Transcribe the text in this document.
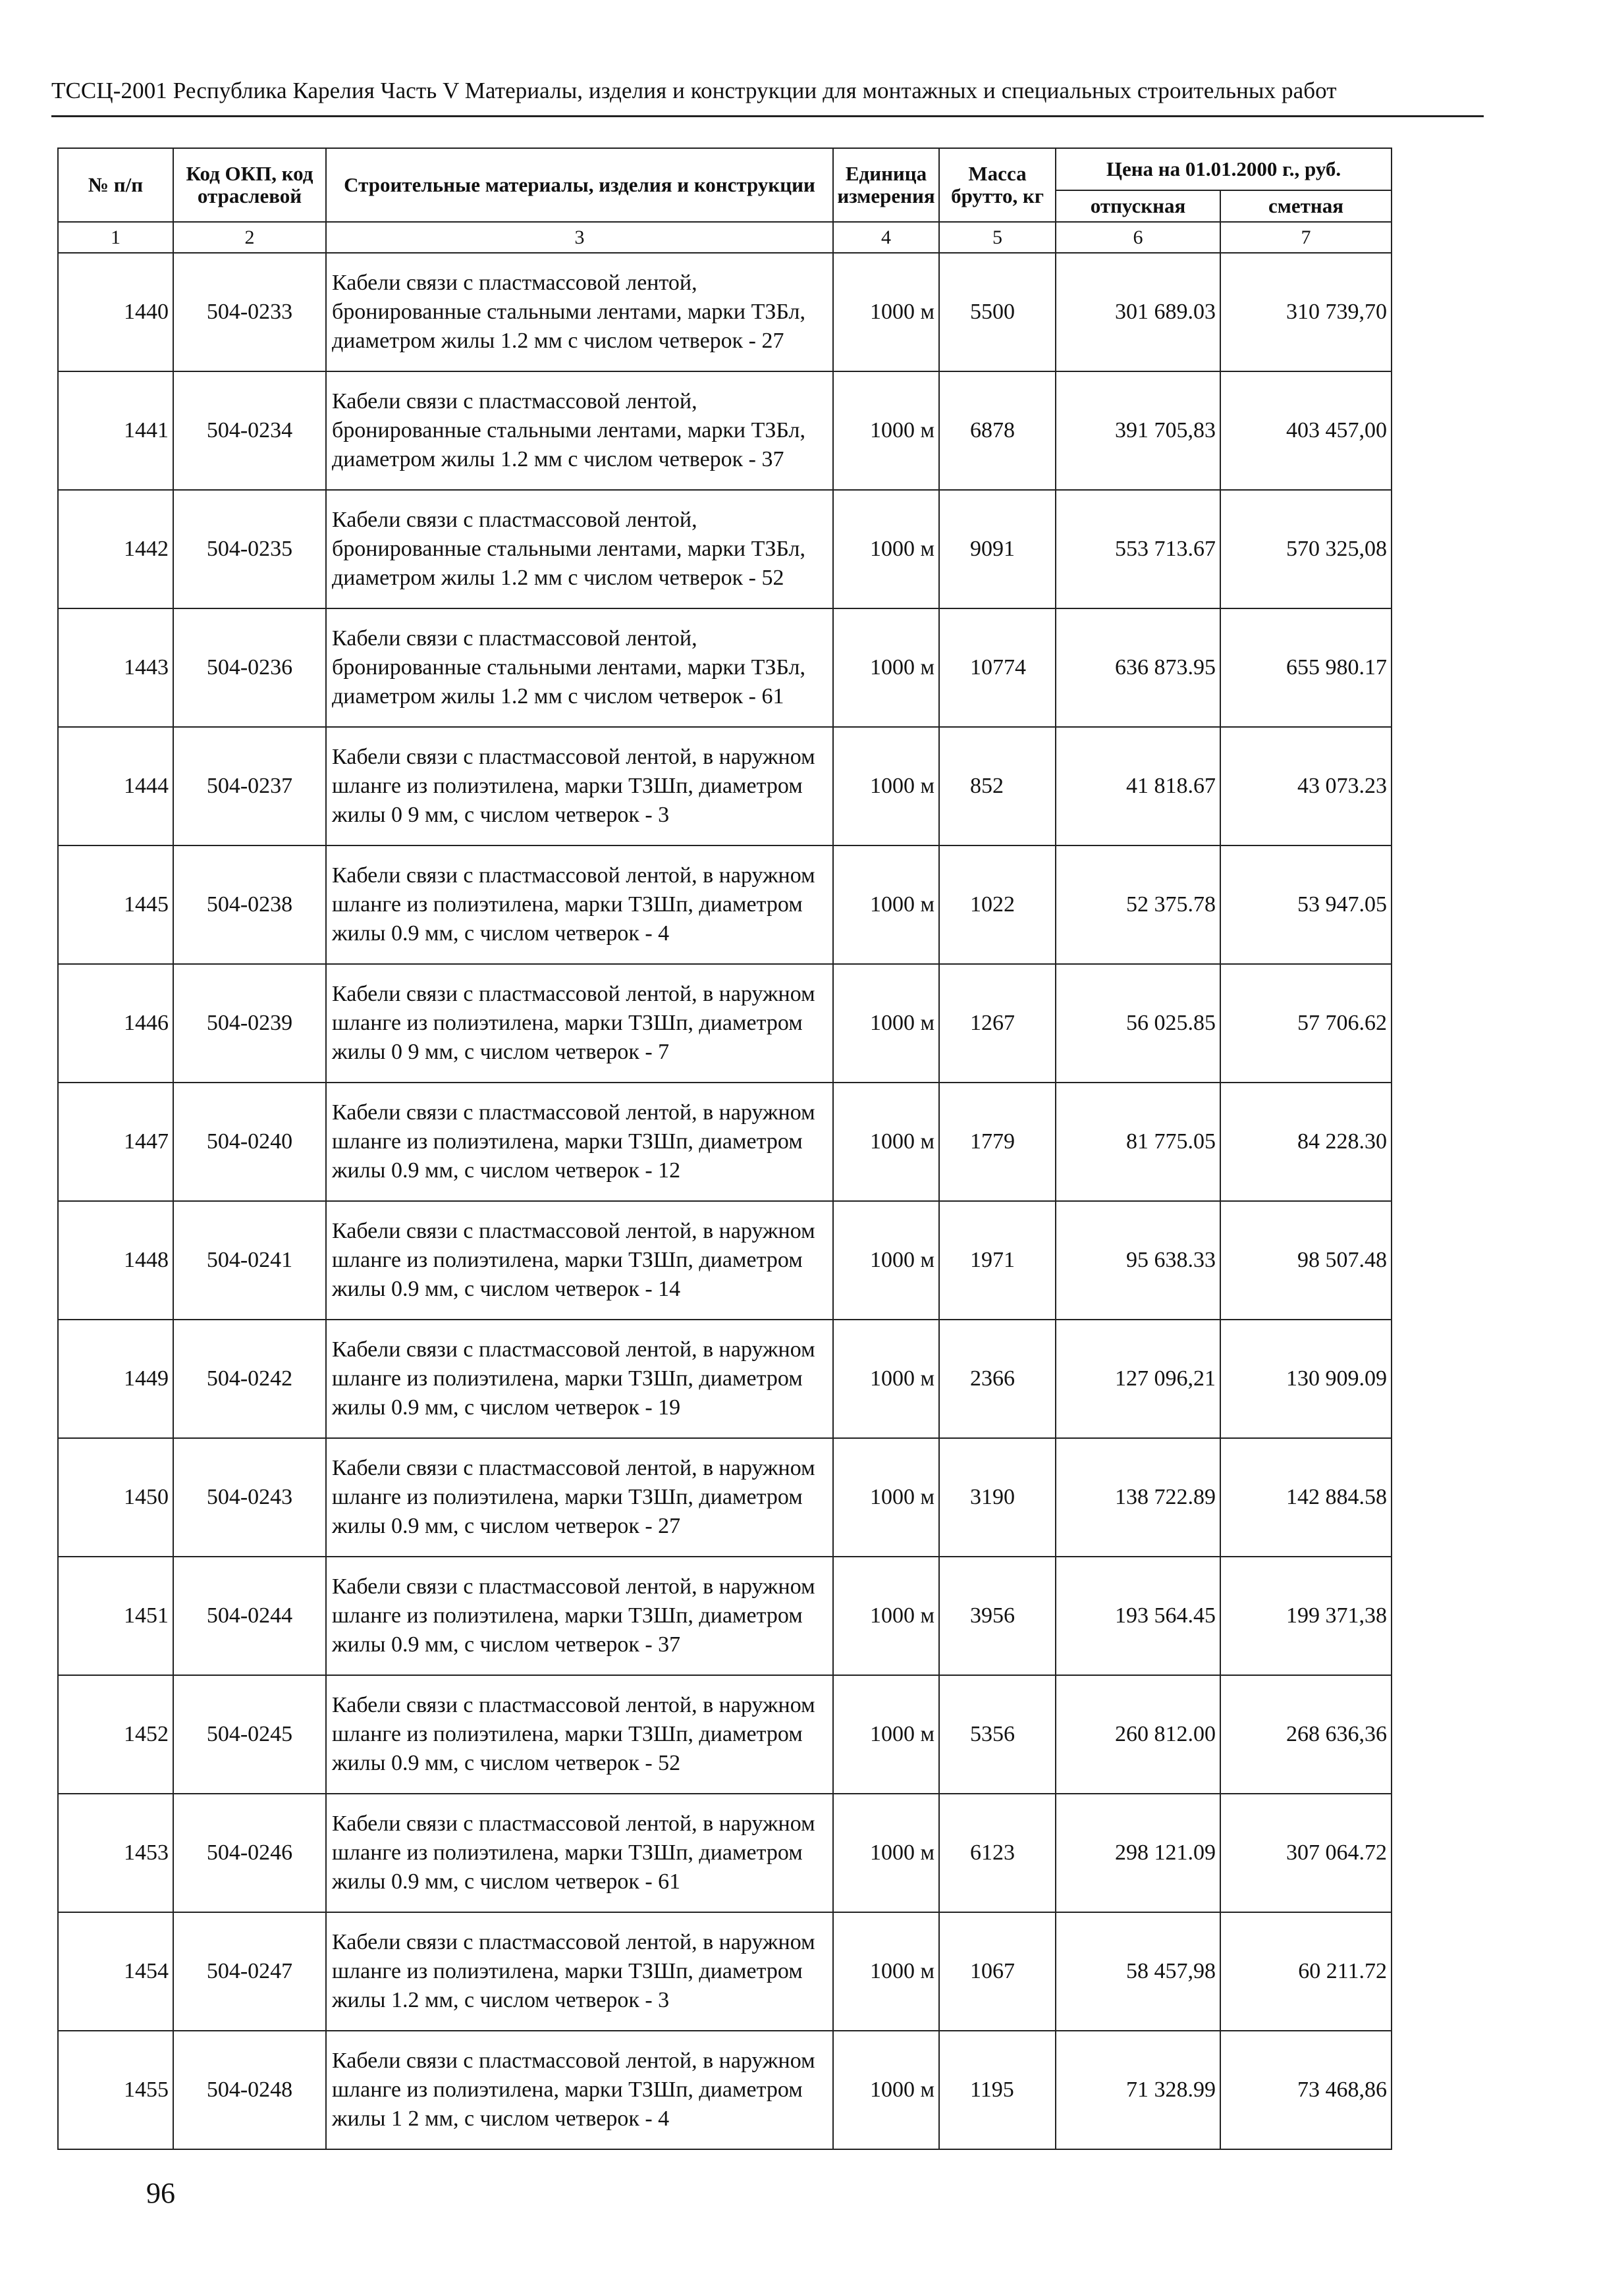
ТССЦ-2001 Республика Карелия Часть V Материалы, изделия и конструкции для монтажных и специальных строительных работ
№ п/п	Код ОКП, код отраслевой	Строительные материалы, изделия и конструкции	Единица измерения	Масса брутто, кг	Цена на 01.01.2000 г., руб.	
					отпускная	сметная
1	2	3	4	5	6	7
1440	504-0233	Кабели связи с пластмассовой лентой, бронированные стальными лентами, марки ТЗБл, диаметром жилы 1.2 мм с числом четверок - 27	1000 м	5500	301 689.03	310 739,70
1441	504-0234	Кабели связи с пластмассовой лентой, бронированные стальными лентами, марки ТЗБл, диаметром жилы 1.2 мм с числом четверок - 37	1000 м	6878	391 705,83	403 457,00
1442	504-0235	Кабели связи с пластмассовой лентой, бронированные стальными лентами, марки ТЗБл, диаметром жилы 1.2 мм с числом четверок - 52	1000 м	9091	553 713.67	570 325,08
1443	504-0236	Кабели связи с пластмассовой лентой, бронированные стальными лентами, марки ТЗБл, диаметром жилы 1.2 мм с числом четверок - 61	1000 м	10774	636 873.95	655 980.17
1444	504-0237	Кабели связи с пластмассовой лентой, в наружном шланге из полиэтилена, марки ТЗШп, диаметром жилы 0 9 мм, с числом четверок - 3	1000 м	852	41 818.67	43 073.23
1445	504-0238	Кабели связи с пластмассовой лентой, в наружном шланге из полиэтилена, марки ТЗШп, диаметром жилы 0.9 мм, с числом четверок - 4	1000 м	1022	52 375.78	53 947.05
1446	504-0239	Кабели связи с пластмассовой лентой, в наружном шланге из полиэтилена, марки ТЗШп, диаметром жилы 0 9 мм, с числом четверок - 7	1000 м	1267	56 025.85	57 706.62
1447	504-0240	Кабели связи с пластмассовой лентой, в наружном шланге из полиэтилена, марки ТЗШп, диаметром жилы 0.9 мм, с числом четверок - 12	1000 м	1779	81 775.05	84 228.30
1448	504-0241	Кабели связи с пластмассовой лентой, в наружном шланге из полиэтилена, марки ТЗШп, диаметром жилы 0.9 мм, с числом четверок - 14	1000 м	1971	95 638.33	98 507.48
1449	504-0242	Кабели связи с пластмассовой лентой, в наружном шланге из полиэтилена, марки ТЗШп, диаметром жилы 0.9 мм, с числом четверок - 19	1000 м	2366	127 096,21	130 909.09
1450	504-0243	Кабели связи с пластмассовой лентой, в наружном шланге из полиэтилена, марки ТЗШп, диаметром жилы 0.9 мм, с числом четверок - 27	1000 м	3190	138 722.89	142 884.58
1451	504-0244	Кабели связи с пластмассовой лентой, в наружном шланге из полиэтилена, марки ТЗШп, диаметром жилы 0.9 мм, с числом четверок - 37	1000 м	3956	193 564.45	199 371,38
1452	504-0245	Кабели связи с пластмассовой лентой, в наружном шланге из полиэтилена, марки ТЗШп, диаметром жилы 0.9 мм, с числом четверок - 52	1000 м	5356	260 812.00	268 636,36
1453	504-0246	Кабели связи с пластмассовой лентой, в наружном шланге из полиэтилена, марки ТЗШп, диаметром жилы 0.9 мм, с числом четверок - 61	1000 м	6123	298 121.09	307 064.72
1454	504-0247	Кабели связи с пластмассовой лентой, в наружном шланге из полиэтилена, марки ТЗШп, диаметром жилы 1.2 мм, с числом четверок - 3	1000 м	1067	58 457,98	60 211.72
1455	504-0248	Кабели связи с пластмассовой лентой, в наружном шланге из полиэтилена, марки ТЗШп, диаметром жилы 1 2 мм, с числом четверок - 4	1000 м	1195	71 328.99	73 468,86
96
